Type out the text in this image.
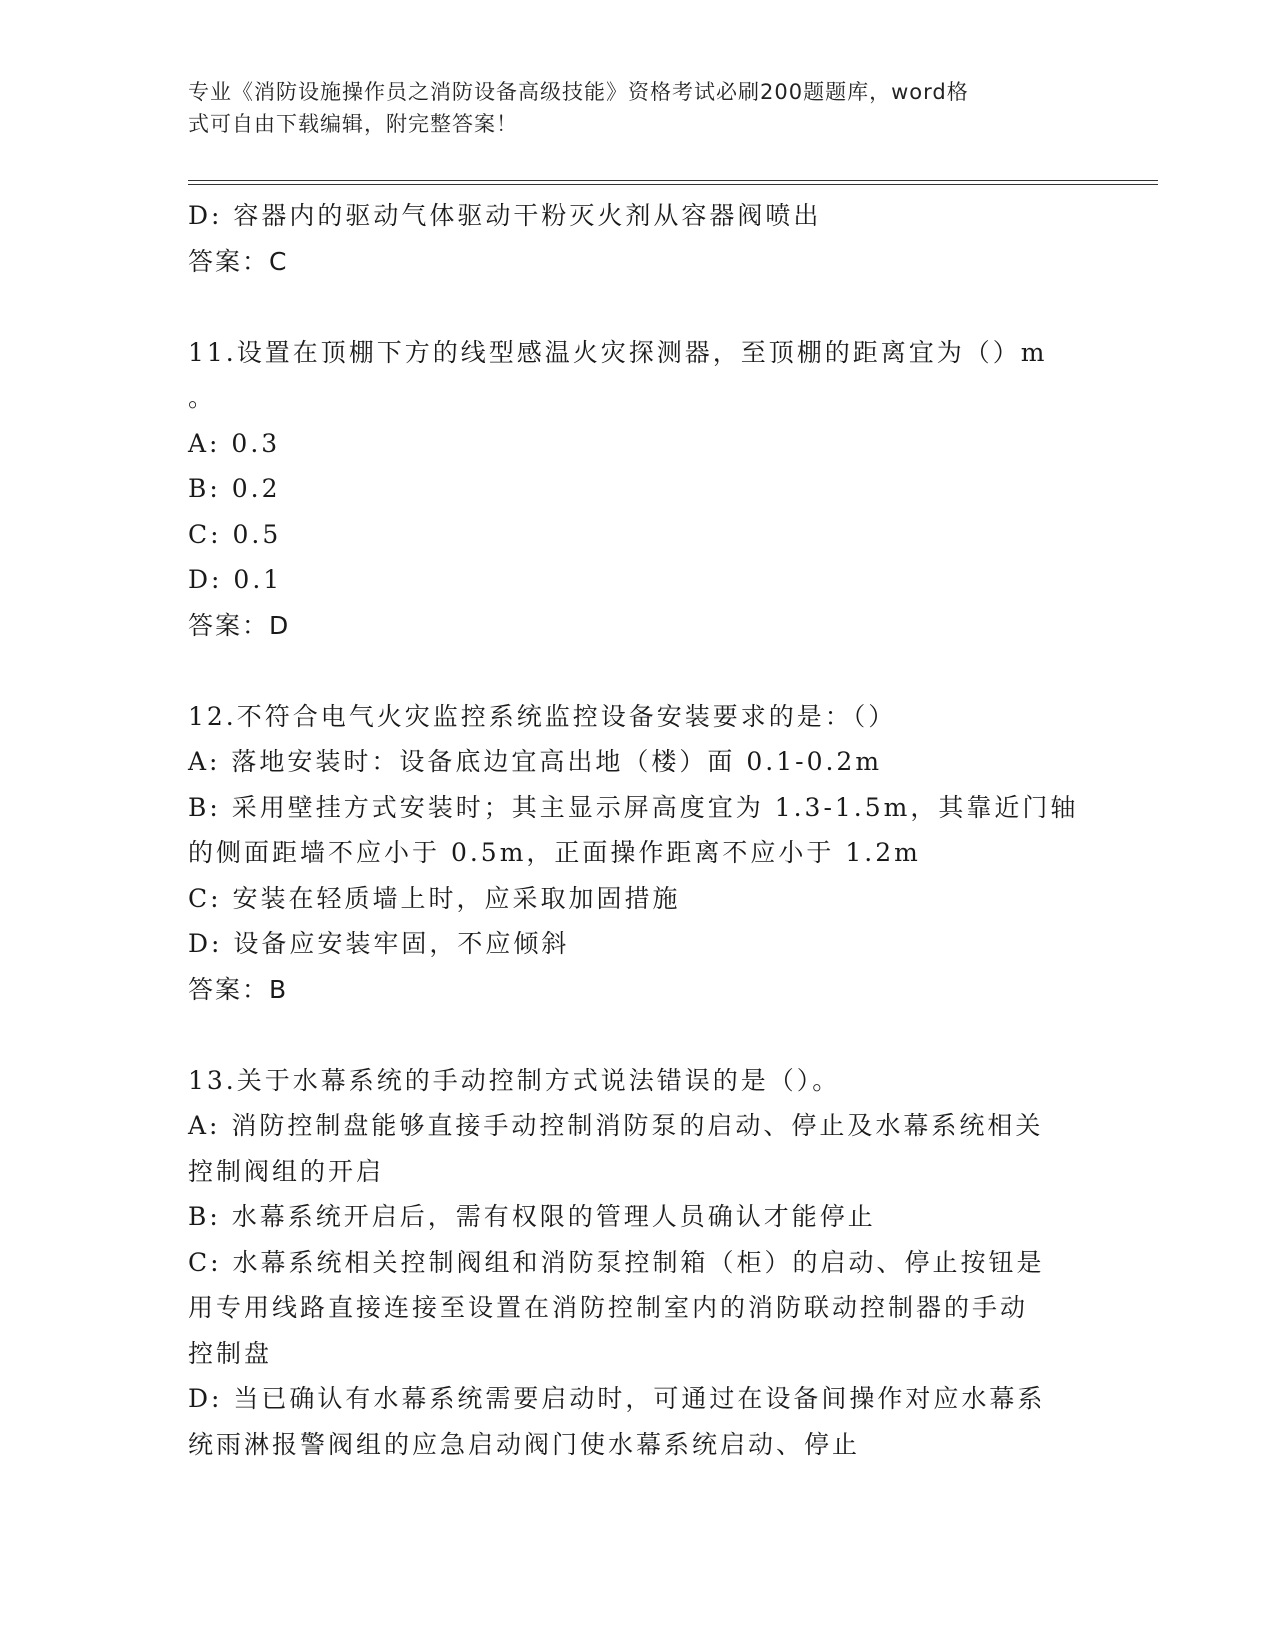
专业《消防设施操作员之消防设备高级技能》资格考试必刷200题题库，word格
式可自由下载编辑，附完整答案！
D: 容器内的驱动气体驱动干粉灭火剂从容器阀喷出
答案：C
11.设置在顶棚下方的线型感温火灾探测器，至顶棚的距离宜为（）m
。
A: 0.3
B: 0.2
C: 0.5
D: 0.1
答案：D
12.不符合电气火灾监控系统监控设备安装要求的是：（）
A: 落地安装时：设备底边宜高出地（楼）面 0.1-0.2m
B: 采用壁挂方式安装时；其主显示屏高度宜为 1.3-1.5m，其靠近门轴
的侧面距墙不应小于 0.5m，正面操作距离不应小于 1.2m
C: 安装在轻质墙上时，应采取加固措施
D: 设备应安装牢固，不应倾斜
答案：B
13.关于水幕系统的手动控制方式说法错误的是（）。
A: 消防控制盘能够直接手动控制消防泵的启动、停止及水幕系统相关
控制阀组的开启
B: 水幕系统开启后，需有权限的管理人员确认才能停止
C: 水幕系统相关控制阀组和消防泵控制箱（柜）的启动、停止按钮是
用专用线路直接连接至设置在消防控制室内的消防联动控制器的手动
控制盘
D: 当已确认有水幕系统需要启动时，可通过在设备间操作对应水幕系
统雨淋报警阀组的应急启动阀门使水幕系统启动、停止
